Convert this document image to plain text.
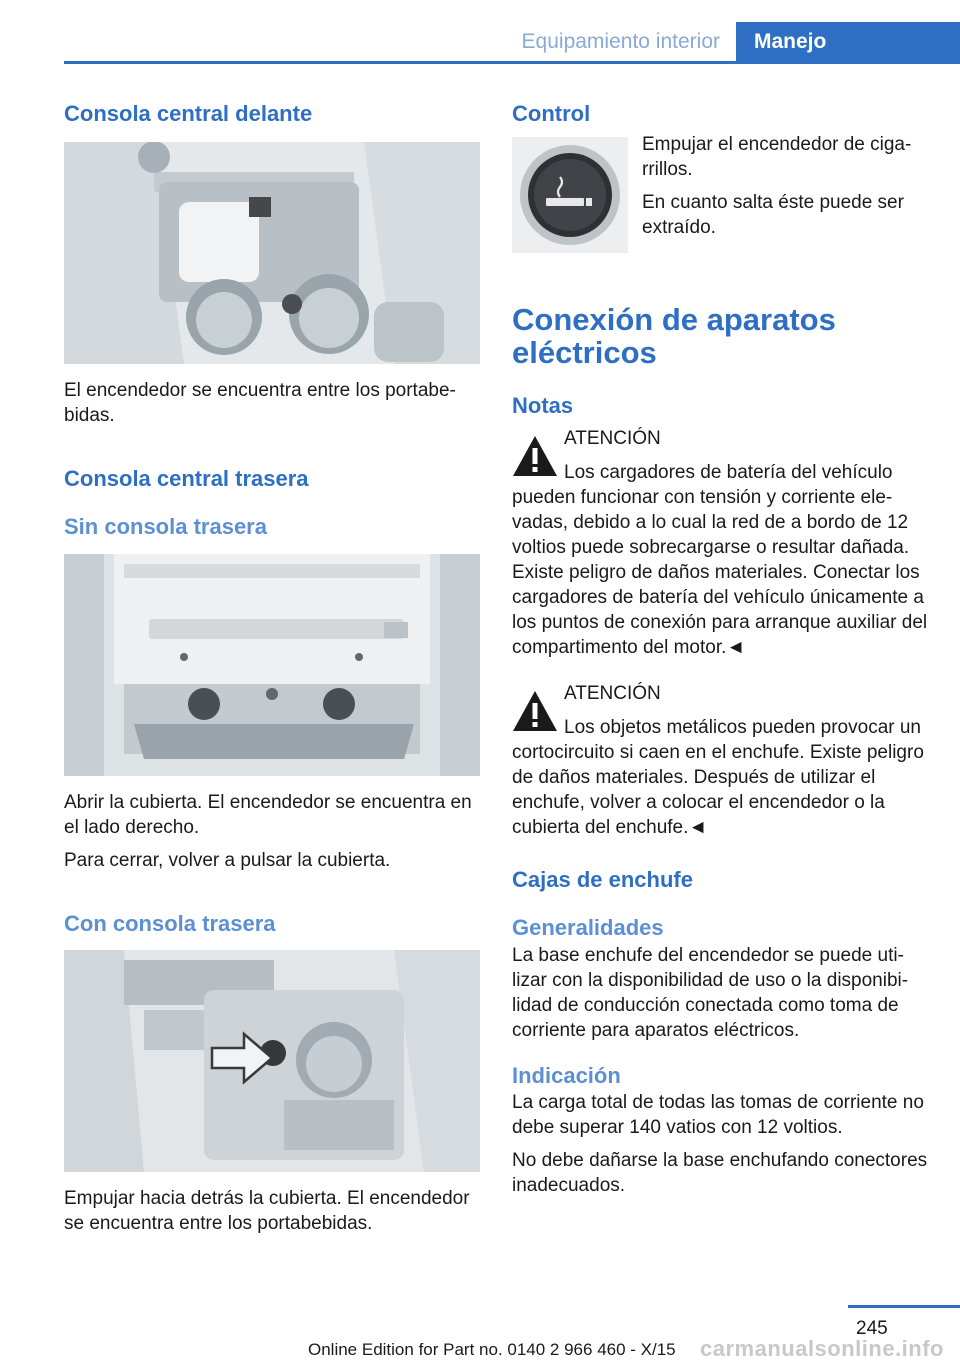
Equipamiento interior	Manejo
Consola central delante

El encendedor se encuentra entre los portabebidas.

Consola central trasera
Sin consola trasera

Abrir la cubierta. El encendedor se encuentra en el lado derecho.

Para cerrar, volver a pulsar la cubierta.

Con consola trasera

Empujar hacia detrás la cubierta. El encendedor se encuentra entre los portabebidas.

Control

Empujar el encendedor de cigarrillos.

En cuanto salta éste puede ser extraído.

Conexión de aparatos eléctricos
Notas
ATENCIÓN

Los cargadores de batería del vehículo pueden funcionar con tensión y corriente elevadas, debido a lo cual la red de a bordo de 12 voltios puede sobrecargarse o resultar dañada. Existe peligro de daños materiales. Conectar los cargadores de batería del vehículo únicamente a los puntos de conexión para arranque auxiliar del compartimento del motor.◄

ATENCIÓN

Los objetos metálicos pueden provocar un cortocircuito si caen en el enchufe. Existe peligro de daños materiales. Después de utilizar el enchufe, volver a colocar el encendedor o la cubierta del enchufe.◄

Cajas de enchufe
Generalidades

La base enchufe del encendedor se puede utilizar con la disponibilidad de uso o la disponibilidad de conducción conectada como toma de corriente para aparatos eléctricos.

Indicación

La carga total de todas las tomas de corriente no debe superar 140 vatios con 12 voltios.

No debe dañarse la base enchufando conectores inadecuados.

245
Online Edition for Part no. 0140 2 966 460 - X/15 carmanualsonline.info
